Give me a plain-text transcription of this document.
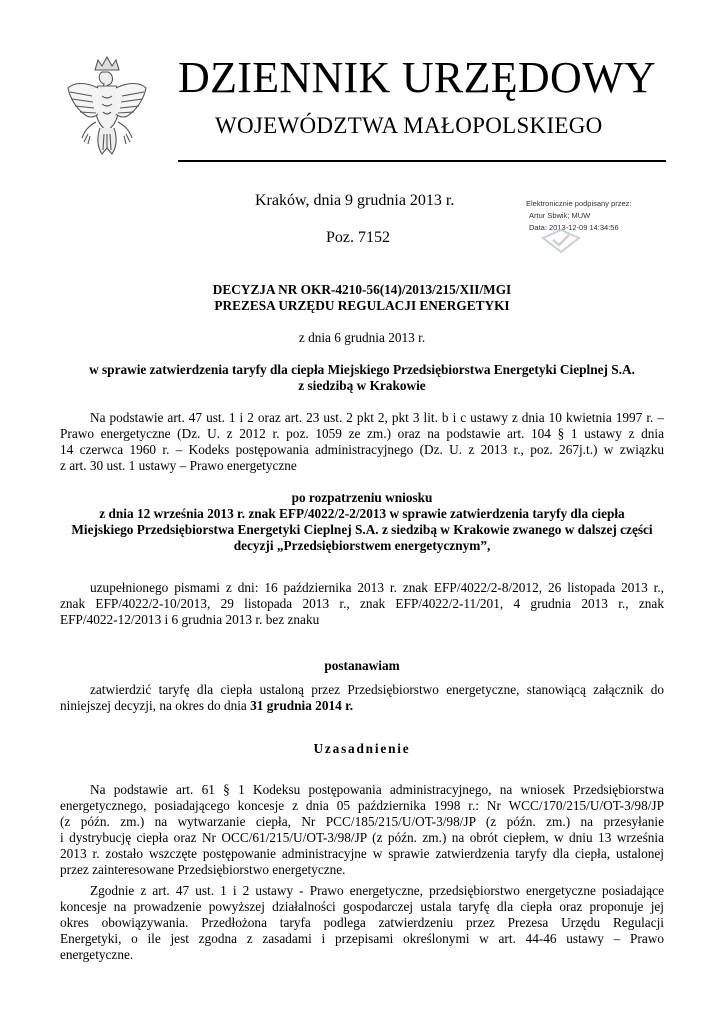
DZIENNIK URZĘDOWY
WOJEWÓDZTWA MAŁOPOLSKIEGO
Kraków, dnia 9 grudnia 2013 r.
Poz. 7152
Elektronicznie podpisany przez:
Artur Sbwik; MUW
Data: 2013-12-09 14:34:56
DECYZJA NR OKR-4210-56(14)/2013/215/XII/MGI
PREZESA URZĘDU REGULACJI ENERGETYKI
z dnia 6 grudnia 2013 r.
w sprawie zatwierdzenia taryfy dla ciepła Miejskiego Przedsiębiorstwa Energetyki Cieplnej S.A.
z siedzibą w Krakowie
Na podstawie art. 47 ust. 1 i 2 oraz art. 23 ust. 2 pkt 2, pkt 3 lit. b i c ustawy z dnia 10 kwietnia 1997 r. –
Prawo energetyczne (Dz. U. z 2012 r. poz. 1059 ze zm.) oraz na podstawie art. 104 § 1 ustawy z dnia
14 czerwca 1960 r. – Kodeks postępowania administracyjnego (Dz. U. z 2013 r., poz. 267j.t.) w związku
z art. 30 ust. 1 ustawy – Prawo energetyczne
po rozpatrzeniu wniosku
z dnia 12 września 2013 r. znak EFP/4022/2-2/2013 w sprawie zatwierdzenia taryfy dla ciepła
Miejskiego Przedsiębiorstwa Energetyki Cieplnej S.A. z siedzibą w Krakowie zwanego w dalszej części
decyzji „Przedsiębiorstwem energetycznym”,
uzupełnionego pismami z dni: 16 października 2013 r. znak EFP/4022/2-8/2012, 26 listopada 2013 r.,
znak EFP/4022/2-10/2013, 29 listopada 2013 r., znak EFP/4022/2-11/201, 4 grudnia 2013 r., znak
EFP/4022-12/2013 i 6 grudnia 2013 r. bez znaku
postanawiam
zatwierdzić taryfę dla ciepła ustaloną przez Przedsiębiorstwo energetyczne, stanowiącą załącznik do
niniejszej decyzji, na okres do dnia 31 grudnia 2014 r.
Uzasadnienie
Na podstawie art. 61 § 1 Kodeksu postępowania administracyjnego, na wniosek Przedsiębiorstwa
energetycznego, posiadającego koncesje z dnia 05 października 1998 r.: Nr WCC/170/215/U/OT-3/98/JP
(z późn. zm.) na wytwarzanie ciepła, Nr PCC/185/215/U/OT-3/98/JP (z późn. zm.) na przesyłanie
i dystrybucję ciepła oraz Nr OCC/61/215/U/OT-3/98/JP (z późn. zm.) na obrót ciepłem, w dniu 13 września
2013 r. zostało wszczęte postępowanie administracyjne w sprawie zatwierdzenia taryfy dla ciepła, ustalonej
przez zainteresowane Przedsiębiorstwo energetyczne.
Zgodnie z art. 47 ust. 1 i 2 ustawy - Prawo energetyczne, przedsiębiorstwo energetyczne posiadające
koncesje na prowadzenie powyższej działalności gospodarczej ustala taryfę dla ciepła oraz proponuje jej
okres obowiązywania. Przedłożona taryfa podlega zatwierdzeniu przez Prezesa Urzędu Regulacji
Energetyki, o ile jest zgodna z zasadami i przepisami określonymi w art. 44-46 ustawy – Prawo
energetyczne.
